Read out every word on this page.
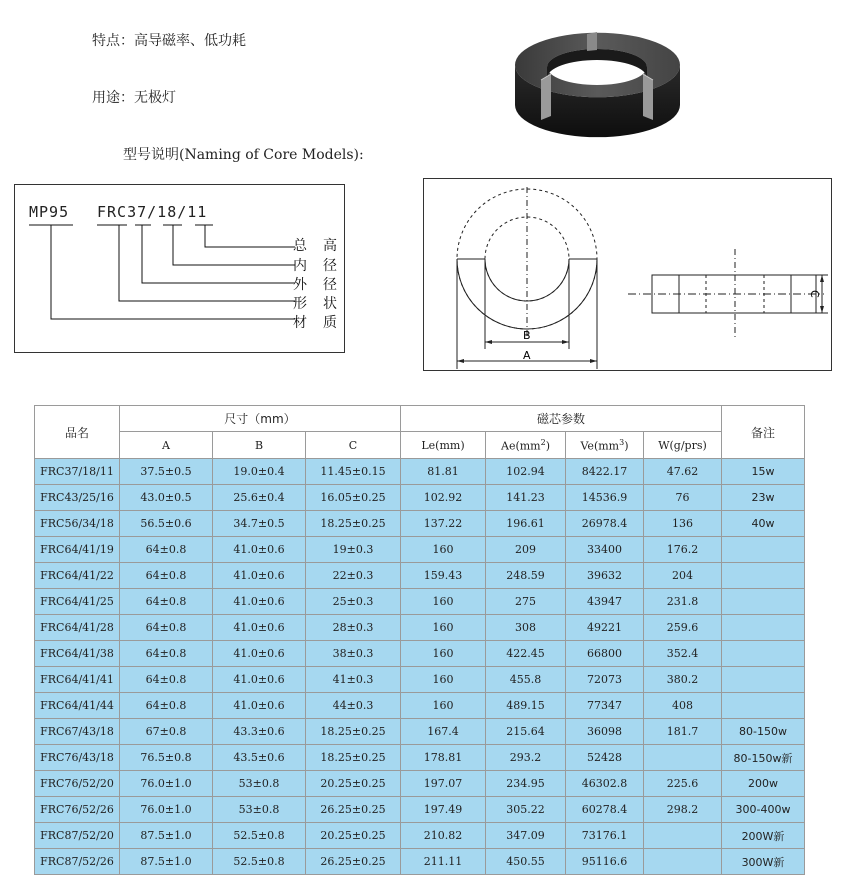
特点：高导磁率、低功耗
用途：无极灯
型号说明(Naming of Core Models):
MP95 FRC37/18/11
总 高
内 径
外 径
形 状
材 质
B
A
C
品名	尺寸（mm）			磁芯参数				备注
	A	B	C	Le(mm)	$Ae(mm^2)$	$Ve(mm^3)$	W(g/prs)	
FRC37/18/11	37.5±0.5	19.0±0.4	11.45±0.15	81.81	102.94	8422.17	47.62	15w
FRC43/25/16	43.0±0.5	25.6±0.4	16.05±0.25	102.92	141.23	14536.9	76	23w
FRC56/34/18	56.5±0.6	34.7±0.5	18.25±0.25	137.22	196.61	26978.4	136	40w
FRC64/41/19	64±0.8	41.0±0.6	19±0.3	160	209	33400	176.2	
FRC64/41/22	64±0.8	41.0±0.6	22±0.3	159.43	248.59	39632	204	
FRC64/41/25	64±0.8	41.0±0.6	25±0.3	160	275	43947	231.8	
FRC64/41/28	64±0.8	41.0±0.6	28±0.3	160	308	49221	259.6	
FRC64/41/38	64±0.8	41.0±0.6	38±0.3	160	422.45	66800	352.4	
FRC64/41/41	64±0.8	41.0±0.6	41±0.3	160	455.8	72073	380.2	
FRC64/41/44	64±0.8	41.0±0.6	44±0.3	160	489.15	77347	408	
FRC67/43/18	67±0.8	43.3±0.6	18.25±0.25	167.4	215.64	36098	181.7	80-150w
FRC76/43/18	76.5±0.8	43.5±0.6	18.25±0.25	178.81	293.2	52428		80-150w新
FRC76/52/20	76.0±1.0	53±0.8	20.25±0.25	197.07	234.95	46302.8	225.6	200w
FRC76/52/26	76.0±1.0	53±0.8	26.25±0.25	197.49	305.22	60278.4	298.2	300-400w
FRC87/52/20	87.5±1.0	52.5±0.8	20.25±0.25	210.82	347.09	73176.1		200W新
FRC87/52/26	87.5±1.0	52.5±0.8	26.25±0.25	211.11	450.55	95116.6		300W新
